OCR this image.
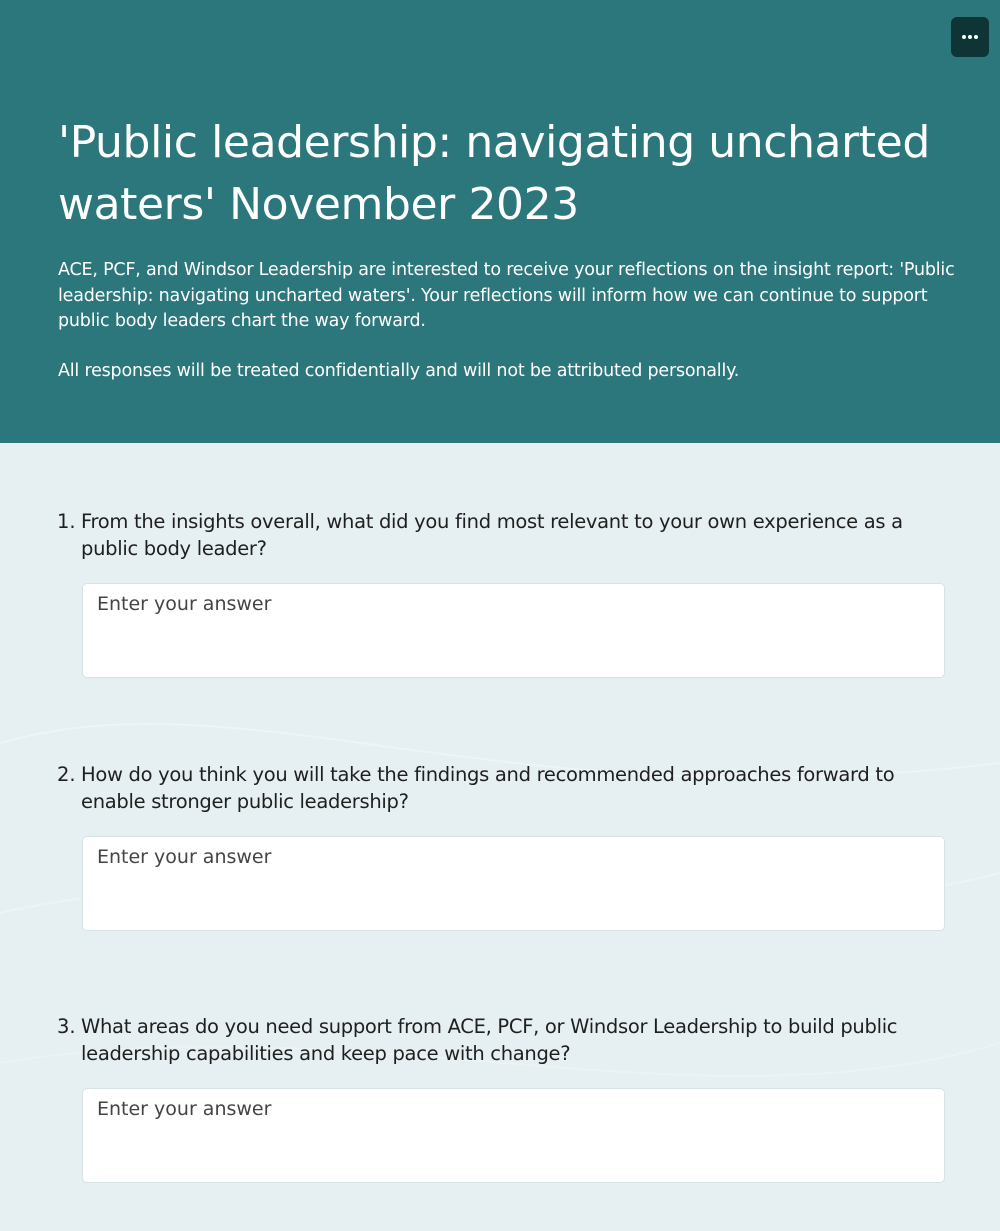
'Public leadership: navigating uncharted waters' November 2023

ACE, PCF, and Windsor Leadership are interested to receive your reflections on the insight report: 'Public leadership: navigating uncharted waters'. Your reflections will inform how we can continue to support public body leaders chart the way forward.

All responses will be treated confidentially and will not be attributed personally.

1. From the insights overall, what did you find most relevant to your own experience as a public body leader?

Enter your answer
2. How do you think you will take the findings and recommended approaches forward to enable stronger public leadership?

Enter your answer
3. What areas do you need support from ACE, PCF, or Windsor Leadership to build public leadership capabilities and keep pace with change?

Enter your answer
